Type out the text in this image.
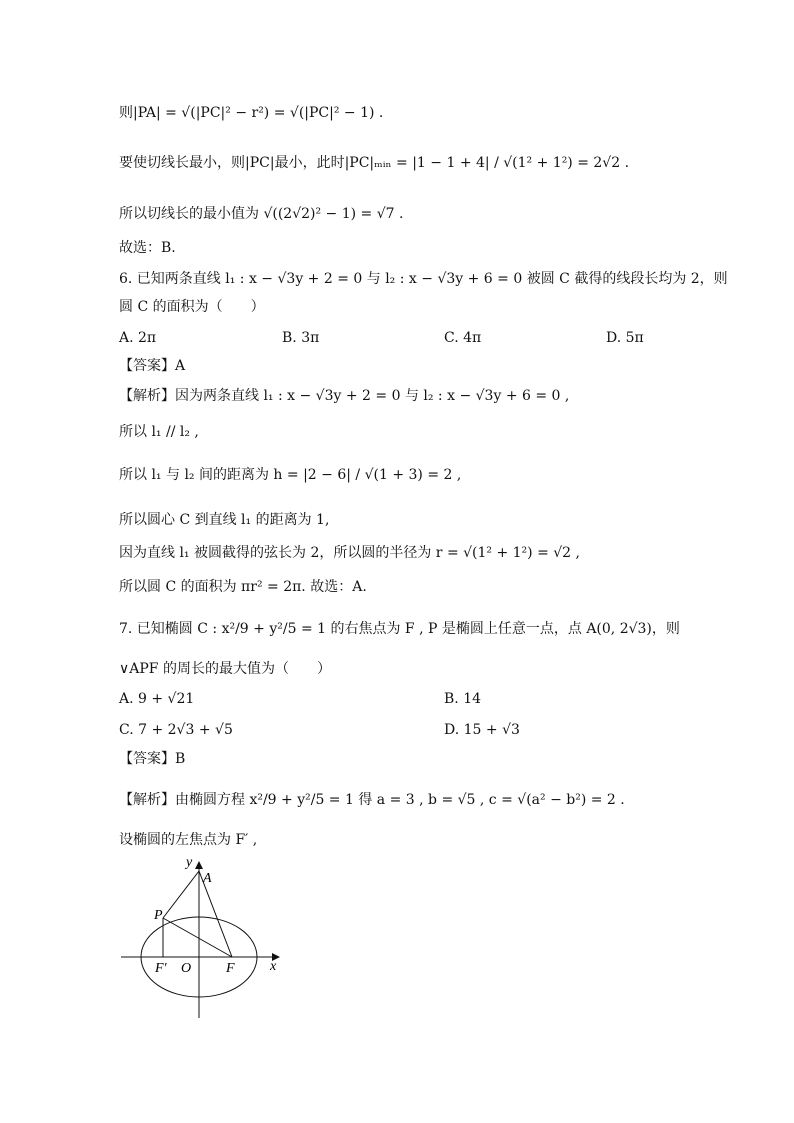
则|PA| = √(|PC|² − r²) = √(|PC|² − 1) .
要使切线长最小，则|PC|最小，此时|PC|ₘᵢₙ = |1 − 1 + 4| / √(1² + 1²) = 2√2 .
所以切线长的最小值为 √((2√2)² − 1) = √7 .
故选：B.
6. 已知两条直线 l₁ : x − √3y + 2 = 0 与 l₂ : x − √3y + 6 = 0 被圆 C 截得的线段长均为 2，则
圆 C 的面积为（　　）
A. 2π	B. 3π	C. 4π	D. 5π
【答案】A
【解析】因为两条直线 l₁ : x − √3y + 2 = 0 与 l₂ : x − √3y + 6 = 0 ,
所以 l₁ // l₂ ,
所以 l₁ 与 l₂ 间的距离为 h = |2 − 6| / √(1 + 3) = 2 ,
所以圆心 C 到直线 l₁ 的距离为 1,
因为直线 l₁ 被圆截得的弦长为 2，所以圆的半径为 r = √(1² + 1²) = √2 ,
所以圆 C 的面积为 πr² = 2π. 故选：A.
7. 已知椭圆 C : x²/9 + y²/5 = 1 的右焦点为 F , P 是椭圆上任意一点，点 A(0, 2√3)，则
∨APF 的周长的最大值为（　　）
A. 9 + √21	B. 14
C. 7 + 2√3 + √5	D. 15 + √3
【答案】B
【解析】由椭圆方程 x²/9 + y²/5 = 1 得 a = 3 , b = √5 , c = √(a² − b²) = 2 .
设椭圆的左焦点为 F′ ,
y
A
P
F′ O F	x
